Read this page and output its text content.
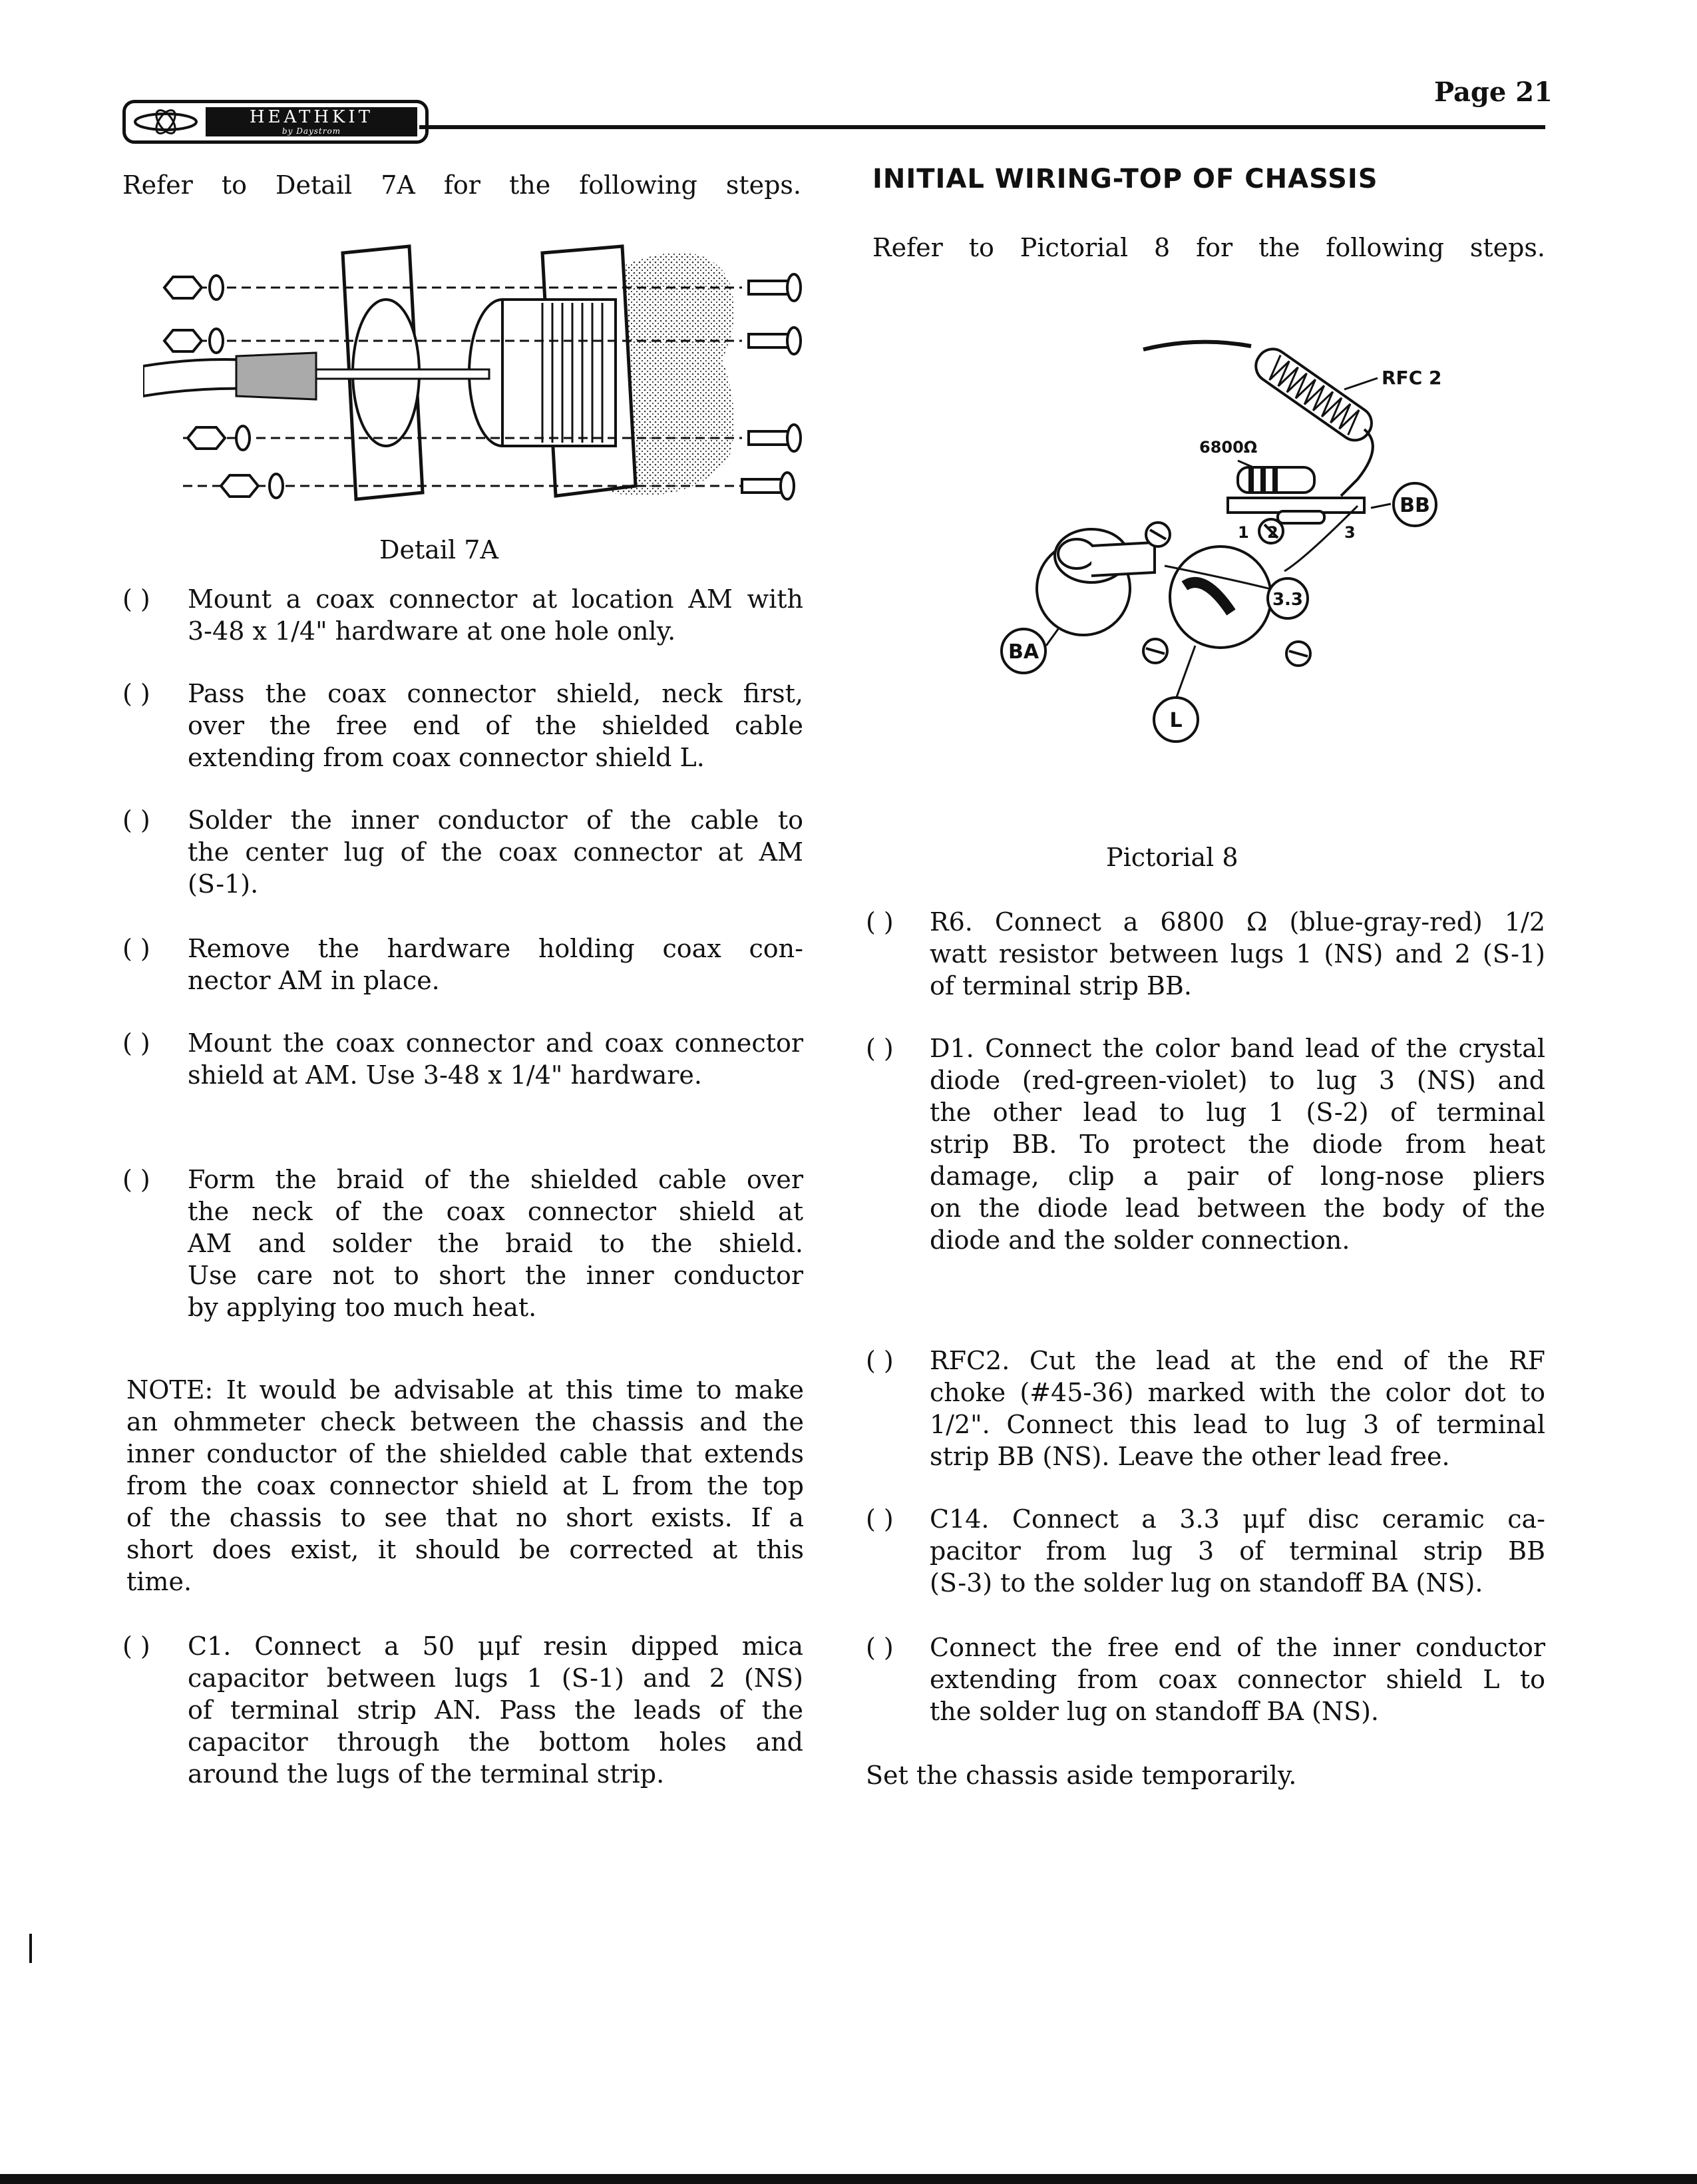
HEATHKIT
by Daystrom
Page 21
Refer to Detail 7A for the following steps.
Detail 7A
( ) Mount a coax connector at location AM with
3-48 x 1/4" hardware at one hole only.
( ) Pass the coax connector shield, neck first,
over the free end of the shielded cable
extending from coax connector shield L.
( ) Solder the inner conductor of the cable to
the center lug of the coax connector at AM
(S-1).
( ) Remove the hardware holding coax con-
nector AM in place.
( ) Mount the coax connector and coax connector
shield at AM. Use 3-48 x 1/4" hardware.
( ) Form the braid of the shielded cable over
the neck of the coax connector shield at
AM and solder the braid to the shield.
Use care not to short the inner conductor
by applying too much heat.
NOTE: It would be advisable at this time to make
an ohmmeter check between the chassis and the
inner conductor of the shielded cable that extends
from the coax connector shield at L from the top
of the chassis to see that no short exists. If a
short does exist, it should be corrected at this
time.
( ) C1. Connect a 50 μμf resin dipped mica
capacitor between lugs 1 (S-1) and 2 (NS)
of terminal strip AN. Pass the leads of the
capacitor through the bottom holes and
around the lugs of the terminal strip.
INITIAL WIRING-TOP OF CHASSIS
Refer to Pictorial 8 for the following steps.
RFC 2
6800Ω
BB
BA
L
3.3
1 2	3
Pictorial 8
( ) R6. Connect a 6800 Ω (blue-gray-red) 1/2
watt resistor between lugs 1 (NS) and 2 (S-1)
of terminal strip BB.
( ) D1. Connect the color band lead of the crystal
diode (red-green-violet) to lug 3 (NS) and
the other lead to lug 1 (S-2) of terminal
strip BB. To protect the diode from heat
damage, clip a pair of long-nose pliers
on the diode lead between the body of the
diode and the solder connection.
( ) RFC2. Cut the lead at the end of the RF
choke (#45-36) marked with the color dot to
1/2". Connect this lead to lug 3 of terminal
strip BB (NS). Leave the other lead free.
( ) C14. Connect a 3.3 μμf disc ceramic ca-
pacitor from lug 3 of terminal strip BB
(S-3) to the solder lug on standoff BA (NS).
( ) Connect the free end of the inner conductor
extending from coax connector shield L to
the solder lug on standoff BA (NS).
Set the chassis aside temporarily.
